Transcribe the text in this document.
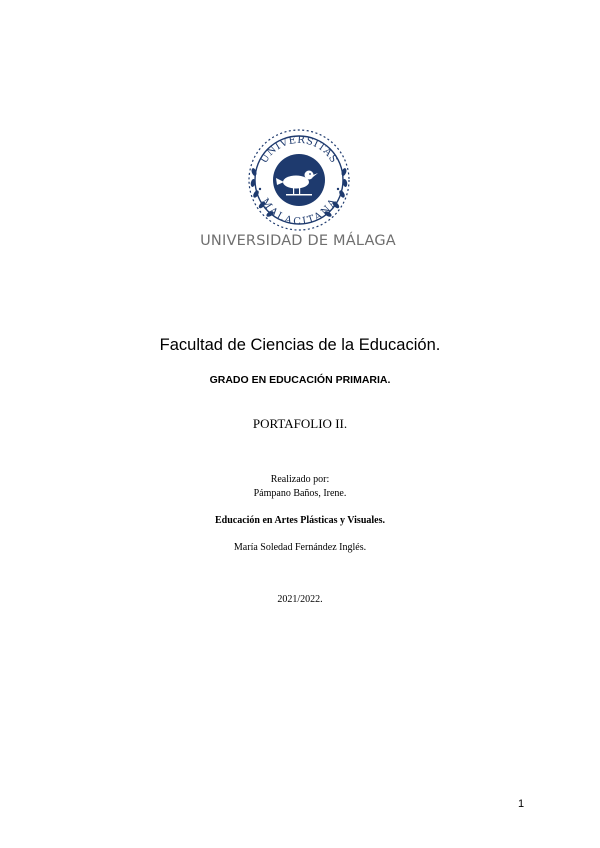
UNIVERSITAS
MALACITANA
UNIVERSIDAD DE MÁLAGA
Facultad de Ciencias de la Educación.
GRADO EN EDUCACIÓN PRIMARIA.
PORTAFOLIO II.
Realizado por:
Pámpano Baños, Irene.
Educación en Artes Plásticas y Visuales.
María Soledad Fernández Inglés.
2021/2022.
1
